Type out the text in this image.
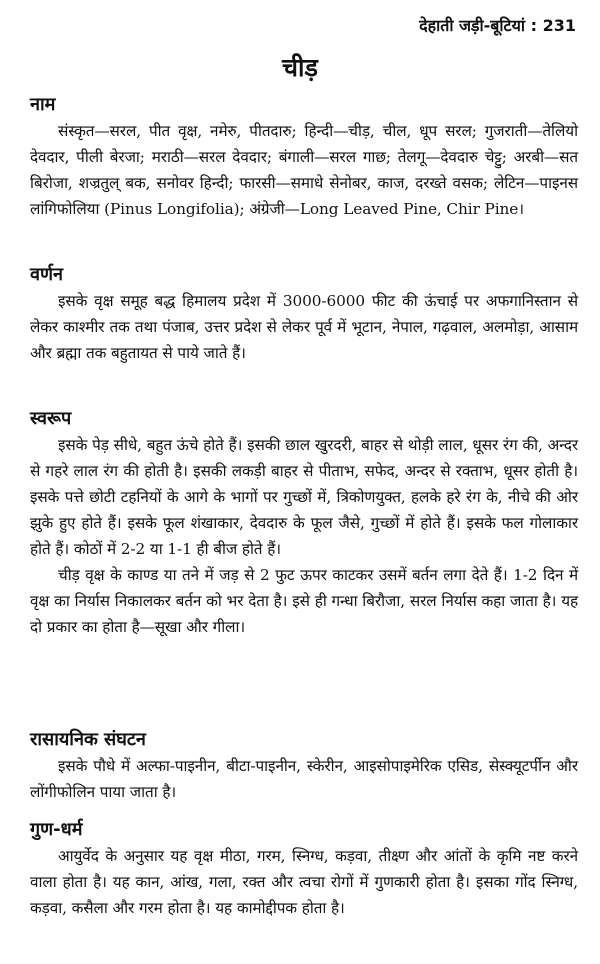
देहाती जड़ी-बूटियां : 231
चीड़

नाम

संस्कृत—सरल, पीत वृक्ष, नमेरु, पीतदारु; हिन्दी—चीड़, चील, धूप सरल; गुजराती—तेलियो देवदार, पीली बेरजा; मराठी—सरल देवदार; बंगाली—सरल गाछ; तेलगू—देवदारु चेट्टु; अरबी—सत बिरोजा, शज्रतुल् बक, सनोवर हिन्दी; फारसी—समाधे सेनोबर, काज, दरख्ते वसक; लेटिन—पाइनस लांगिफोलिया (Pinus Longifolia); अंग्रेजी—Long Leaved Pine, Chir Pine।

वर्णन

इसके वृक्ष समूह बद्ध हिमालय प्रदेश में 3000-6000 फीट की ऊंचाई पर अफगानिस्तान से लेकर काश्मीर तक तथा पंजाब, उत्तर प्रदेश से लेकर पूर्व में भूटान, नेपाल, गढ़वाल, अलमोड़ा, आसाम और ब्रह्मा तक बहुतायत से पाये जाते हैं।

स्वरूप

इसके पेड़ सीधे, बहुत ऊंचे होते हैं। इसकी छाल खुरदरी, बाहर से थोड़ी लाल, धूसर रंग की, अन्दर से गहरे लाल रंग की होती है। इसकी लकड़ी बाहर से पीताभ, सफेद, अन्दर से रक्ताभ, धूसर होती है। इसके पत्ते छोटी टहनियों के आगे के भागों पर गुच्छों में, त्रिकोणयुक्त, हलके हरे रंग के, नीचे की ओर झुके हुए होते हैं। इसके फूल शंखाकार, देवदारु के फूल जैसे, गुच्छों में होते हैं। इसके फल गोलाकार होते हैं। कोठों में 2-2 या 1-1 ही बीज होते हैं।

चीड़ वृक्ष के काण्ड या तने में जड़ से 2 फुट ऊपर काटकर उसमें बर्तन लगा देते हैं। 1-2 दिन में वृक्ष का निर्यास निकालकर बर्तन को भर देता है। इसे ही गन्धा बिरौजा, सरल निर्यास कहा जाता है। यह दो प्रकार का होता है—सूखा और गीला।

रासायनिक संघटन

इसके पौधे में अल्फा-पाइनीन, बीटा-पाइनीन, स्केरीन, आइसोपाइमेरिक एसिड, सेस्क्यूटर्पीन और लोंगीफोलिन पाया जाता है।

गुण-धर्म

आयुर्वेद के अनुसार यह वृक्ष मीठा, गरम, स्निग्ध, कड़वा, तीक्ष्ण और आंतों के कृमि नष्ट करने वाला होता है। यह कान, आंख, गला, रक्त और त्वचा रोगों में गुणकारी होता है। इसका गोंद स्निग्ध, कड़वा, कसैला और गरम होता है। यह कामोद्दीपक होता है।
